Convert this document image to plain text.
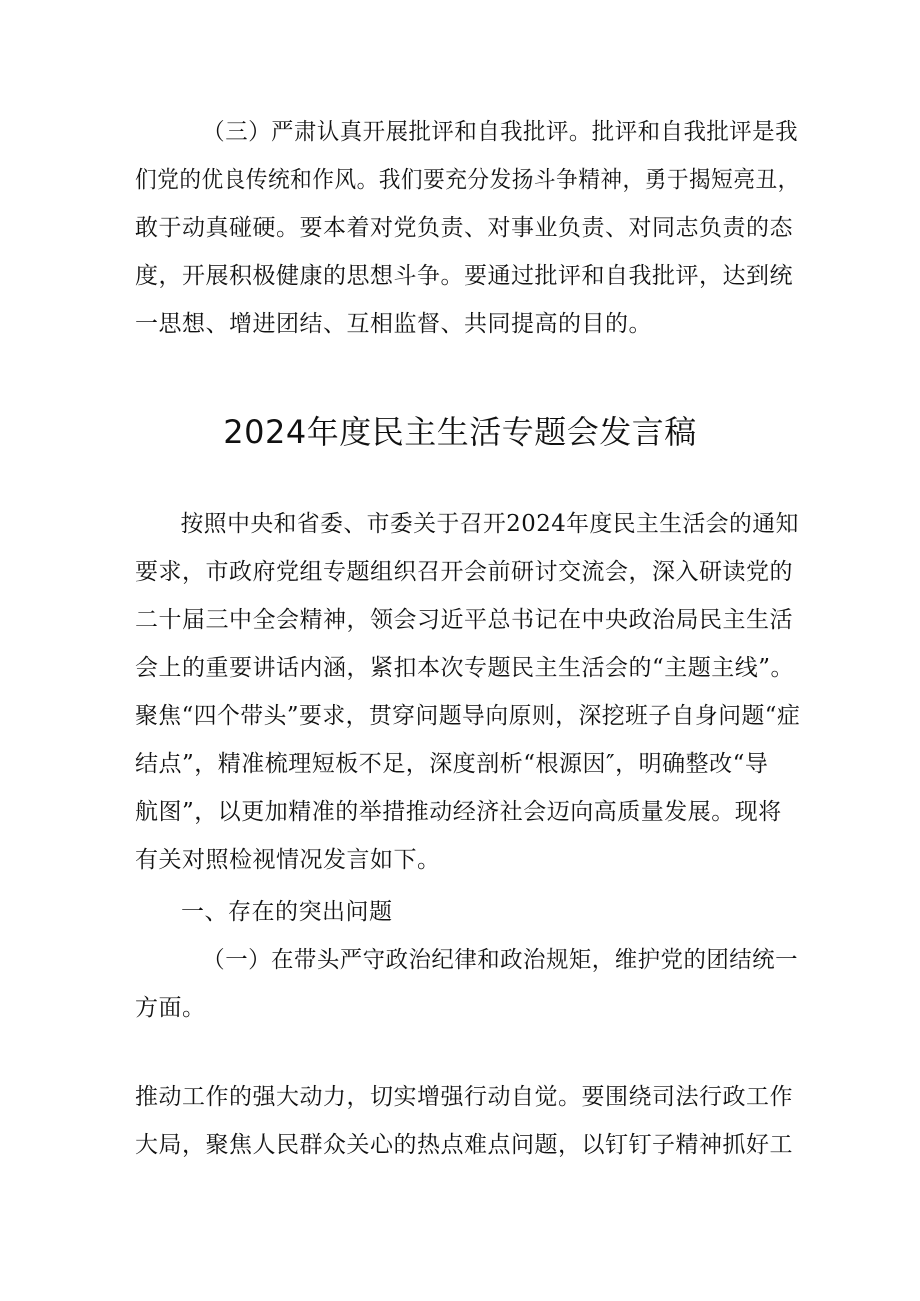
（三）严肃认真开展批评和自我批评。批评和自我批评是我
们党的优良传统和作风。我们要充分发扬斗争精神，勇于揭短亮丑，
敢于动真碰硬。要本着对党负责、对事业负责、对同志负责的态
度，开展积极健康的思想斗争。要通过批评和自我批评，达到统
一思想、增进团结、互相监督、共同提高的目的。
2024年度民主生活专题会发言稿
按照中央和省委、市委关于召开2024年度民主生活会的通知
要求，市政府党组专题组织召开会前研讨交流会，深入研读党的
二十届三中全会精神，领会习近平总书记在中央政治局民主生活
会上的重要讲话内涵，紧扣本次专题民主生活会的“主题主线”。
聚焦“四个带头”要求，贯穿问题导向原则，深挖班子自身问题“症
结点”，精准梳理短板不足，深度剖析“根源因″，明确整改“导
航图”，以更加精准的举措推动经济社会迈向高质量发展。现将
有关对照检视情况发言如下。
一、存在的突出问题
（一）在带头严守政治纪律和政治规矩，维护党的团结统一
方面。
推动工作的强大动力，切实增强行动自觉。要围绕司法行政工作
大局，聚焦人民群众关心的热点难点问题，以钉钉子精神抓好工
